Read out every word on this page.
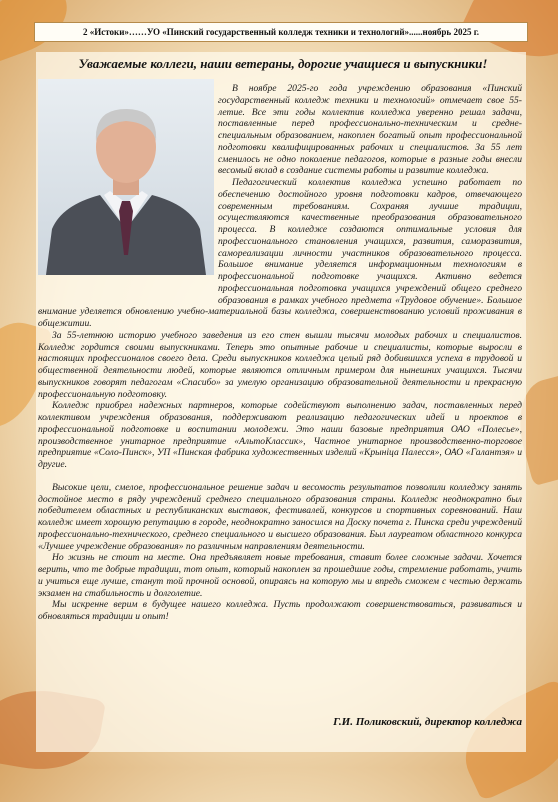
2 «Истоки»……УО «Пинский государственный колледж техники и технологий»......ноябрь 2025 г.
Уважаемые коллеги, наши ветераны, дорогие учащиеся и выпускники!

В ноябре 2025-го года учреждению образования «Пинский государственный колледж техники и технологий» отмечает свое 55-летие. Все эти годы коллектив колледжа уверенно решал задачи, поставленные перед профессионально-техническим и средне-специальным образованием, накоплен богатый опыт профессиональной подготовки квалифицированных рабочих и специалистов. За 55 лет сменилось не одно поколение педагогов, которые в разные годы внесли весомый вклад в создание системы работы и развитие колледжа.

Педагогический коллектив колледжа успешно работает по обеспечению достойного уровня подготовки кадров, отвечающего современным требованиям. Сохраняя лучшие традиции, осуществляются качественные преобразования образовательного процесса. В колледже создаются оптимальные условия для профессионального становления учащихся, развития, саморазвития, самореализации личности участников образовательного процесса. Большое внимание уделяется информационным технологиям в профессиональной подготовке учащихся. Активно ведется профессиональная подготовка учащихся учреждений общего среднего образования в рамках учебного предмета «Трудовое обучение». Большое внимание уделяется обновлению учебно-материальной базы колледжа, совершенствованию условий проживания в общежитии.

За 55-летнюю историю учебного заведения из его стен вышли тысячи молодых рабочих и специалистов. Колледж гордится своими выпускниками. Теперь это опытные рабочие и специалисты, которые выросли в настоящих профессионалов своего дела. Среди выпускников колледжа целый ряд добившихся успеха в трудовой и общественной деятельности людей, которые являются отличным примером для нынешних учащихся. Тысячи выпускников говорят педагогам «Спасибо» за умелую организацию образовательной деятельности и прекрасную профессиональную подготовку.

Колледж приобрел надежных партнеров, которые содействуют выполнению задач, поставленных перед коллективом учреждения образования, поддерживают реализацию педагогических идей и проектов в профессиональной подготовке и воспитании молодежи. Это наши базовые предприятия ОАО «Полесье», производственное унитарное предприятие «АльтоКлассик», Частное унитарное производственно-торговое предприятие «Соло-Пинск», УП «Пинская фабрика художественных изделий «Крыніца Палесся», ОАО «Галантэя» и другие.

Высокие цели, смелое, профессиональное решение задач и весомость результатов позволили колледжу занять достойное место в ряду учреждений среднего специального образования страны. Колледж неоднократно был победителем областных и республиканских выставок, фестивалей, конкурсов и спортивных соревнований. Наш колледж имеет хорошую репутацию в городе, неоднократно заносился на Доску почета г. Пинска среди учреждений профессионально-технического, среднего специального и высшего образования. Был лауреатом областного конкурса «Лучшее учреждение образования» по различным направлениям деятельности.

Но жизнь не стоит на месте. Она предъявляет новые требования, ставит более сложные задачи. Хочется верить, что те добрые традиции, тот опыт, который накоплен за прошедшие годы, стремление работать, учить и учиться еще лучше, станут той прочной основой, опираясь на которую мы и впредь сможем с честью держать экзамен на стабильность и долголетие.

Мы искренне верим в будущее нашего колледжа. Пусть продолжают совершенствоваться, развиваться и обновляться традиции и опыт!

Г.И. Поликовский, директор колледжа
